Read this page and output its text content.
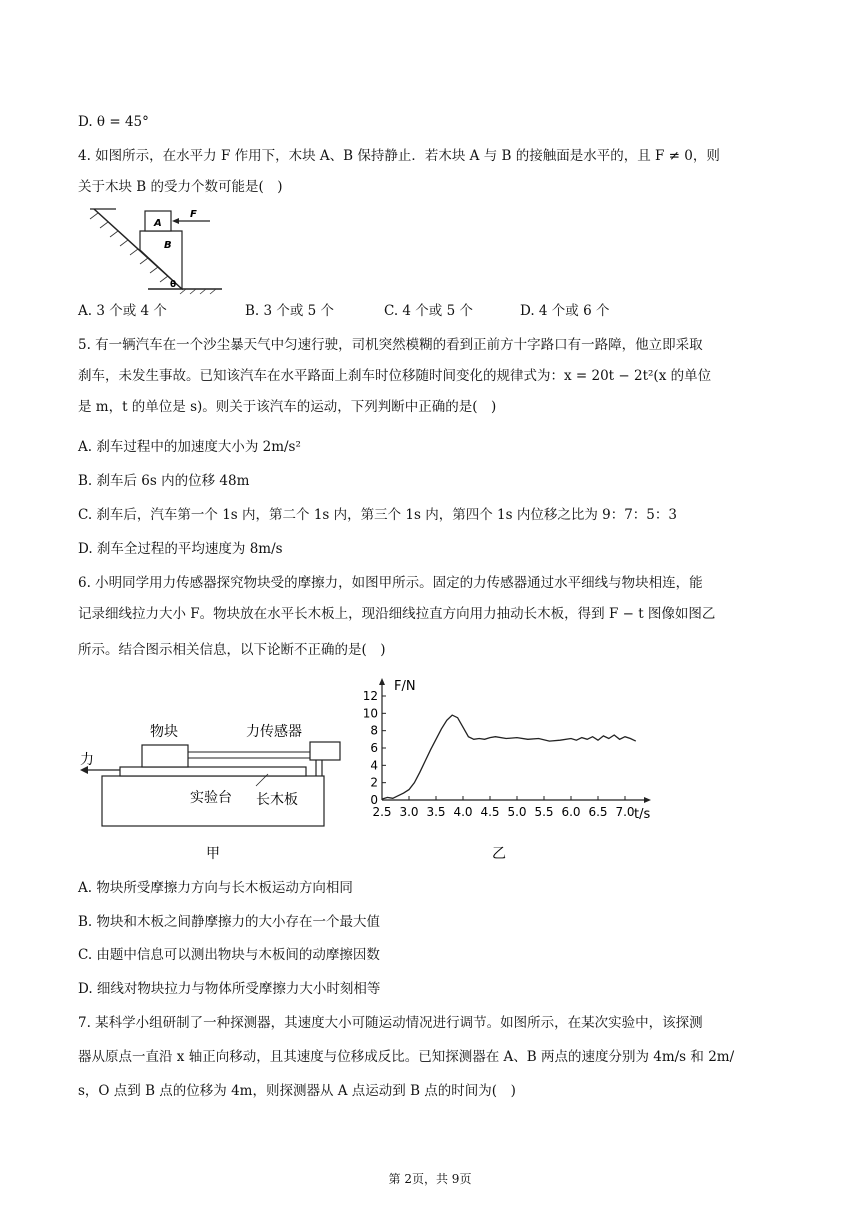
D. θ = 45°
4. 如图所示，在水平力 F 作用下，木块 A、B 保持静止．若木块 A 与 B 的接触面是水平的，且 F ≠ 0，则
关于木块 B 的受力个数可能是(　)
A
B
F
θ
A. 3 个或 4 个	B. 3 个或 5 个	C. 4 个或 5 个	D. 4 个或 6 个
5. 有一辆汽车在一个沙尘暴天气中匀速行驶，司机突然模糊的看到正前方十字路口有一路障，他立即采取
刹车，未发生事故。已知该汽车在水平路面上刹车时位移随时间变化的规律式为：x = 20t − 2t²(x 的单位
是 m，t 的单位是 s)。则关于该汽车的运动，下列判断中正确的是(　)
A. 刹车过程中的加速度大小为 2m/s²
B. 刹车后 6s 内的位移 48m
C. 刹车后，汽车第一个 1s 内，第二个 1s 内，第三个 1s 内，第四个 1s 内位移之比为 9：7：5：3
D. 刹车全过程的平均速度为 8m/s
6. 小明同学用力传感器探究物块受的摩擦力，如图甲所示。固定的力传感器通过水平细线与物块相连，能
记录细线拉力大小 F。物块放在水平长木板上，现沿细线拉直方向用力抽动长木板，得到 F − t 图像如图乙
所示。结合图示相关信息，以下论断不正确的是(　)
物块	力传感器
力
实验台 长木板
甲
0
2
4
6
8
10
12
2.5 3.0 3.5 4.0 4.5 5.0 5.5 6.0 6.5 7.0
F/N
t/s
乙
A. 物块所受摩擦力方向与长木板运动方向相同
B. 物块和木板之间静摩擦力的大小存在一个最大值
C. 由题中信息可以测出物块与木板间的动摩擦因数
D. 细线对物块拉力与物体所受摩擦力大小时刻相等
7. 某科学小组研制了一种探测器，其速度大小可随运动情况进行调节。如图所示，在某次实验中，该探测
器从原点一直沿 x 轴正向移动，且其速度与位移成反比。已知探测器在 A、B 两点的速度分别为 4m/s 和 2m/
s，O 点到 B 点的位移为 4m，则探测器从 A 点运动到 B 点的时间为(　)
第 2页，共 9页
